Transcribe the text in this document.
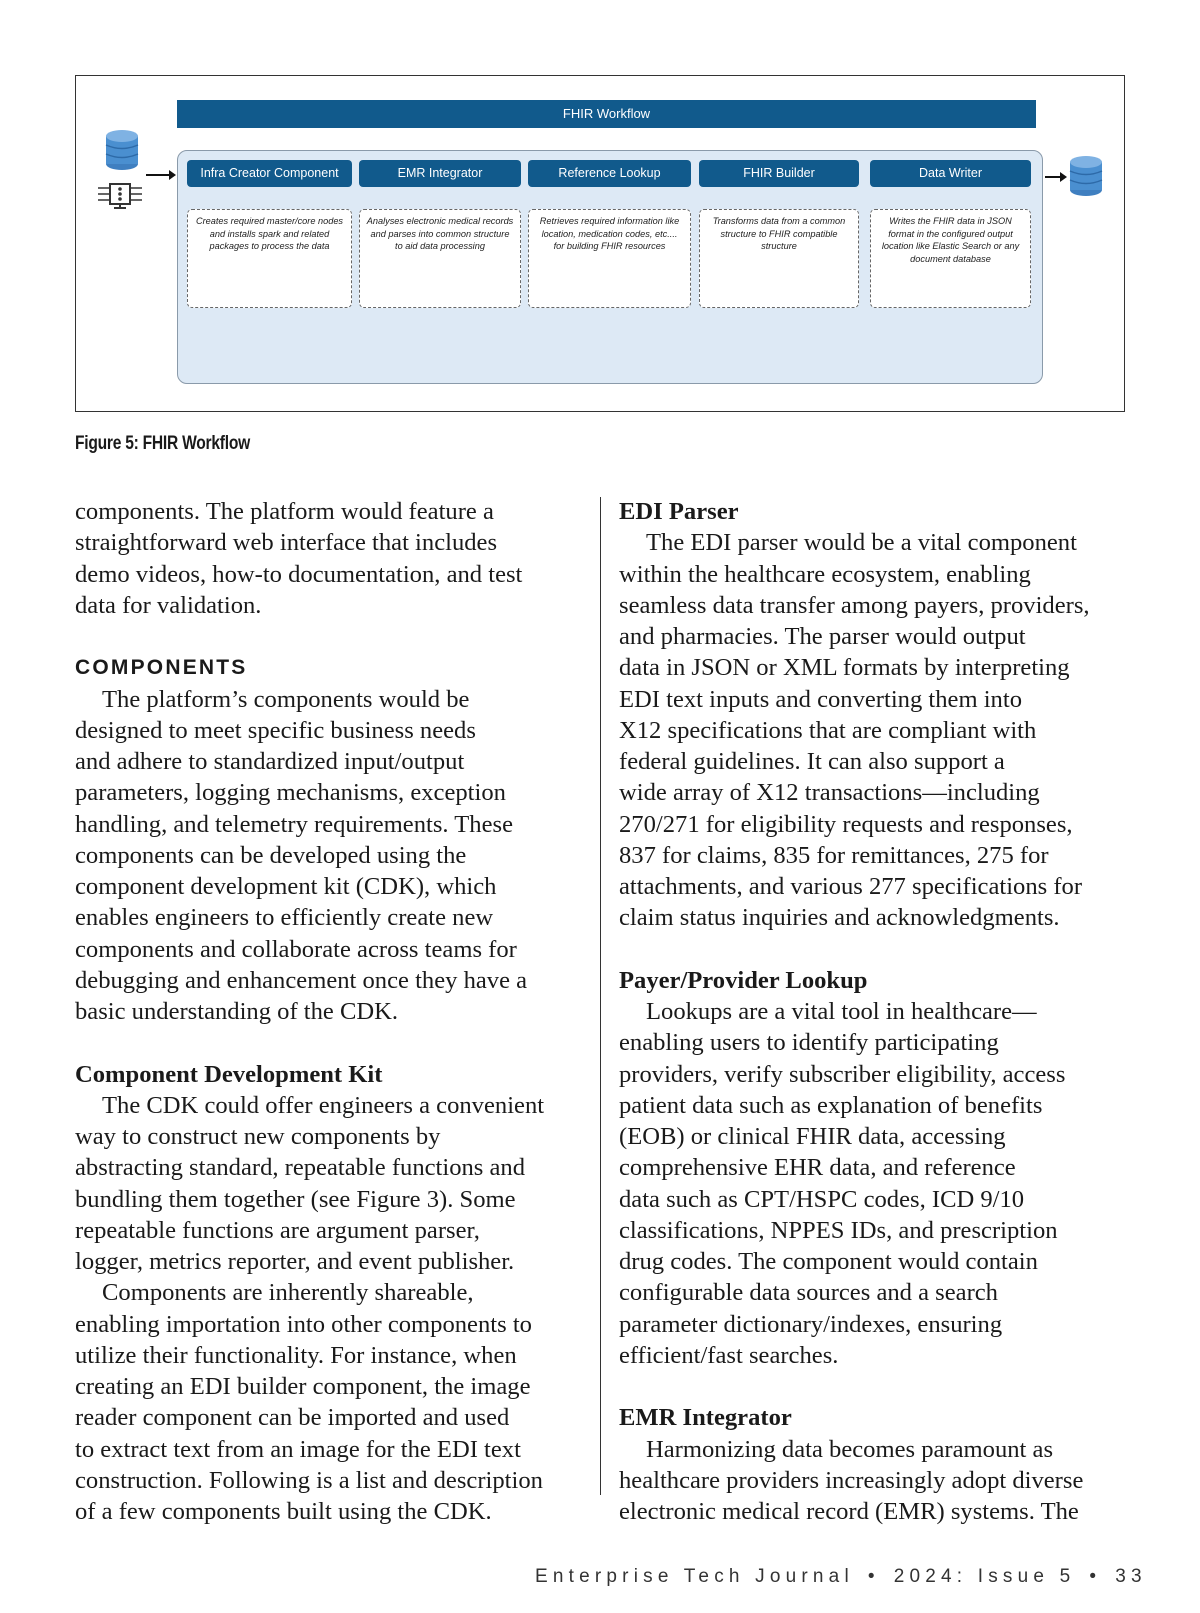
FHIR Workflow
Infra Creator Component	EMR Integrator	Reference Lookup	FHIR Builder	Data Writer
Creates required master/core nodes and installs spark and related packages to process the data
Analyses electronic medical records and parses into common structure to aid data processing
Retrieves required information like location, medication codes, etc.... for building FHIR resources
Transforms data from a common structure to FHIR compatible structure
Writes the FHIR data in JSON format in the configured output location like Elastic Search or any document database
Figure 5: FHIR Workflow
components. The platform would feature a
straightforward web interface that includes
demo videos, how-to documentation, and test
data for validation.
COMPONENTS
The platform’s components would be
designed to meet specific business needs
and adhere to standardized input/output
parameters, logging mechanisms, exception
handling, and telemetry requirements. These
components can be developed using the
component development kit (CDK), which
enables engineers to efficiently create new
components and collaborate across teams for
debugging and enhancement once they have a
basic understanding of the CDK.
Component Development Kit
The CDK could offer engineers a convenient
way to construct new components by
abstracting standard, repeatable functions and
bundling them together (see Figure 3). Some
repeatable functions are argument parser,
logger, metrics reporter, and event publisher.
Components are inherently shareable,
enabling importation into other components to
utilize their functionality. For instance, when
creating an EDI builder component, the image
reader component can be imported and used
to extract text from an image for the EDI text
construction. Following is a list and description
of a few components built using the CDK.
EDI Parser
The EDI parser would be a vital component
within the healthcare ecosystem, enabling
seamless data transfer among payers, providers,
and pharmacies. The parser would output
data in JSON or XML formats by interpreting
EDI text inputs and converting them into
X12 specifications that are compliant with
federal guidelines. It can also support a
wide array of X12 transactions—including
270/271 for eligibility requests and responses,
837 for claims, 835 for remittances, 275 for
attachments, and various 277 specifications for
claim status inquiries and acknowledgments.
Payer/Provider Lookup
Lookups are a vital tool in healthcare—
enabling users to identify participating
providers, verify subscriber eligibility, access
patient data such as explanation of benefits
(EOB) or clinical FHIR data, accessing
comprehensive EHR data, and reference
data such as CPT/HSPC codes, ICD 9/10
classifications, NPPES IDs, and prescription
drug codes. The component would contain
configurable data sources and a search
parameter dictionary/indexes, ensuring
efficient/fast searches.
EMR Integrator
Harmonizing data becomes paramount as
healthcare providers increasingly adopt diverse
electronic medical record (EMR) systems. The
Enterprise Tech Journal • 2024: Issue 5 • 33
